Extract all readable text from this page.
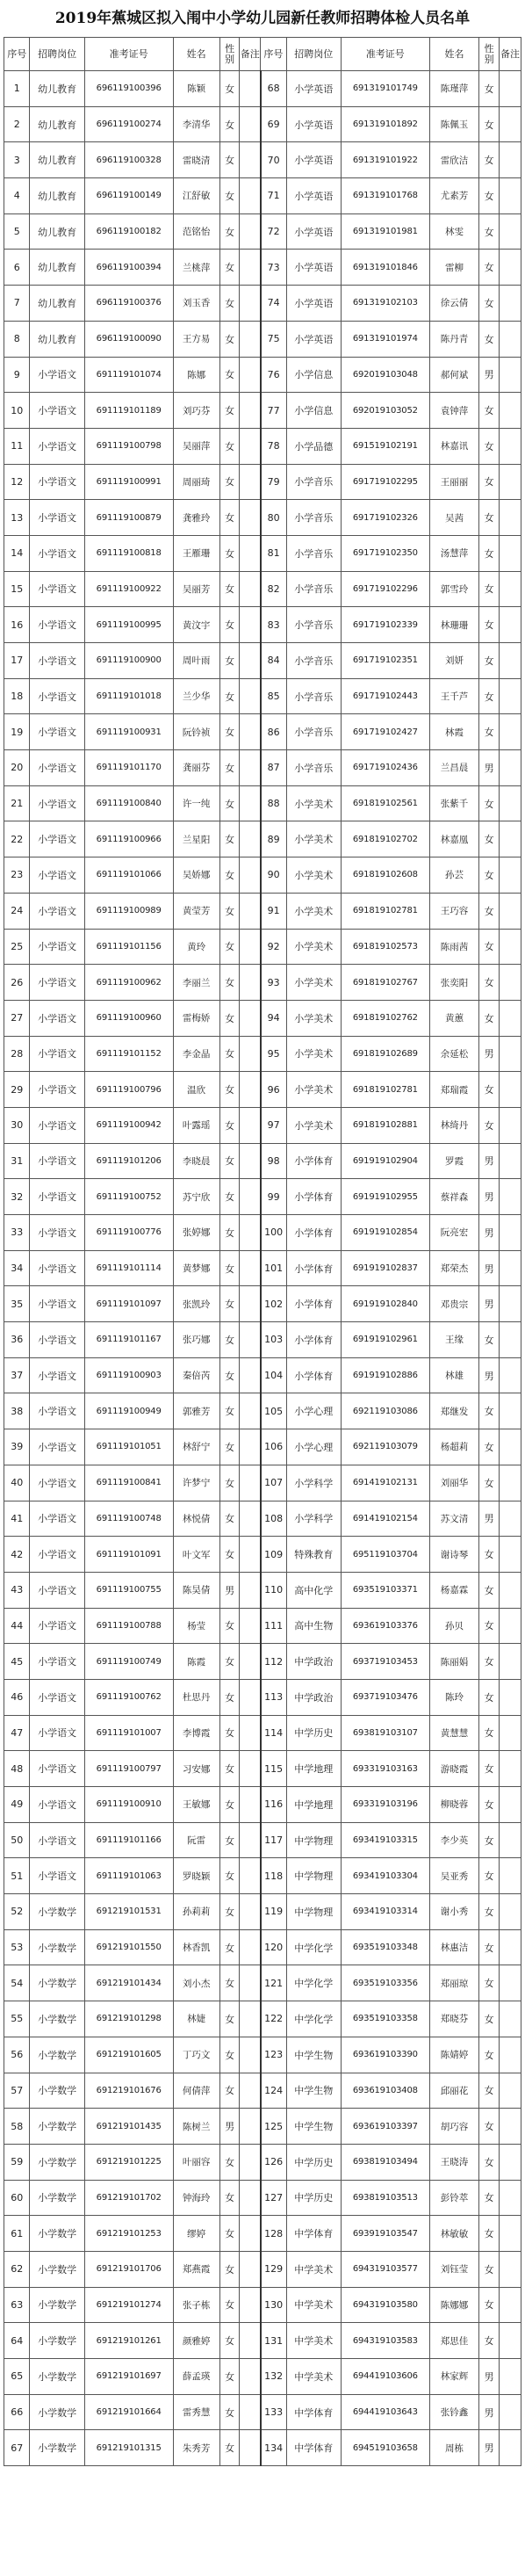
2019年蕉城区拟入闱中小学幼儿园新任教师招聘体检人员名单
序号	招聘岗位	准考证号	姓名	性别	备注	序号	招聘岗位	准考证号	姓名	性别	备注
1	幼儿教育	696119100396	陈颖	女		68	小学英语	691319101749	陈瑾萍	女	
2	幼儿教育	696119100274	李清华	女		69	小学英语	691319101892	陈佩玉	女	
3	幼儿教育	696119100328	雷晓清	女		70	小学英语	691319101922	雷欣洁	女	
4	幼儿教育	696119100149	江舒敏	女		71	小学英语	691319101768	尤素芳	女	
5	幼儿教育	696119100182	范铭怡	女		72	小学英语	691319101981	林雯	女	
6	幼儿教育	696119100394	兰桃萍	女		73	小学英语	691319101846	雷柳	女	
7	幼儿教育	696119100376	刘玉香	女		74	小学英语	691319102103	徐云倩	女	
8	幼儿教育	696119100090	王方易	女		75	小学英语	691319101974	陈丹青	女	
9	小学语文	691119101074	陈娜	女		76	小学信息	692019103048	郝何斌	男	
10	小学语文	691119101189	刘巧芬	女		77	小学信息	692019103052	袁钟萍	女	
11	小学语文	691119100798	吴丽萍	女		78	小学品德	691519102191	林嘉讯	女	
12	小学语文	691119100991	周丽琦	女		79	小学音乐	691719102295	王丽丽	女	
13	小学语文	691119100879	龚雅玲	女		80	小学音乐	691719102326	吴茜	女	
14	小学语文	691119100818	王雁珊	女		81	小学音乐	691719102350	汤慧萍	女	
15	小学语文	691119100922	吴丽芳	女		82	小学音乐	691719102296	郭雪玲	女	
16	小学语文	691119100995	黄汶宇	女		83	小学音乐	691719102339	林珊珊	女	
17	小学语文	691119100900	周叶雨	女		84	小学音乐	691719102351	刘妍	女	
18	小学语文	691119101018	兰少华	女		85	小学音乐	691719102443	王千芦	女	
19	小学语文	691119100931	阮钤祯	女		86	小学音乐	691719102427	林霞	女	
20	小学语文	691119101170	龚丽芬	女		87	小学音乐	691719102436	兰昌晨	男	
21	小学语文	691119100840	许一纯	女		88	小学美术	691819102561	张紫千	女	
22	小学语文	691119100966	兰星阳	女		89	小学美术	691819102702	林嘉凰	女	
23	小学语文	691119101066	吴娇娜	女		90	小学美术	691819102608	孙芸	女	
24	小学语文	691119100989	黄莹芳	女		91	小学美术	691819102781	王巧容	女	
25	小学语文	691119101156	黄玲	女		92	小学美术	691819102573	陈雨茜	女	
26	小学语文	691119100962	李丽兰	女		93	小学美术	691819102767	张奕阳	女	
27	小学语文	691119100960	雷梅娇	女		94	小学美术	691819102762	黄蕙	女	
28	小学语文	691119101152	李金晶	女		95	小学美术	691819102689	余延松	男	
29	小学语文	691119100796	温欣	女		96	小学美术	691819102781	郑瑞霞	女	
30	小学语文	691119100942	叶露瑶	女		97	小学美术	691819102881	林绮丹	女	
31	小学语文	691119101206	李晓晨	女		98	小学体育	691919102904	罗霞	男	
32	小学语文	691119100752	苏宁欣	女		99	小学体育	691919102955	蔡祥森	男	
33	小学语文	691119100776	张婷娜	女		100	小学体育	691919102854	阮亮宏	男	
34	小学语文	691119101114	黄梦娜	女		101	小学体育	691919102837	郑荣杰	男	
35	小学语文	691119101097	张凯玲	女		102	小学体育	691919102840	邓贵宗	男	
36	小学语文	691119101167	张巧娜	女		103	小学体育	691919102961	王缘	女	
37	小学语文	691119100903	秦倍芮	女		104	小学体育	691919102886	林雄	男	
38	小学语文	691119100949	郭雅芳	女		105	小学心理	692119103086	郑继发	女	
39	小学语文	691119101051	林舒宁	女		106	小学心理	692119103079	杨超莉	女	
40	小学语文	691119100841	许梦宁	女		107	小学科学	691419102131	刘丽华	女	
41	小学语文	691119100748	林悦倩	女		108	小学科学	691419102154	苏文清	男	
42	小学语文	691119101091	叶文军	女		109	特殊教育	695119103704	谢诗琴	女	
43	小学语文	691119100755	陈昊倩	男		110	高中化学	693519103371	杨嘉霖	女	
44	小学语文	691119100788	杨莹	女		111	高中生物	693619103376	孙贝	女	
45	小学语文	691119100749	陈霞	女		112	中学政治	693719103453	陈丽娟	女	
46	小学语文	691119100762	杜思丹	女		113	中学政治	693719103476	陈玲	女	
47	小学语文	691119101007	李博霞	女		114	中学历史	693819103107	黄慧慧	女	
48	小学语文	691119100797	习安娜	女		115	中学地理	693319103163	游晓霞	女	
49	小学语文	691119100910	王敏娜	女		116	中学地理	693319103196	柳晓蓉	女	
50	小学语文	691119101166	阮雷	女		117	中学物理	693419103315	李少英	女	
51	小学语文	691119101063	罗晓颖	女		118	中学物理	693419103304	吴亚秀	女	
52	小学数学	691219101531	孙莉莉	女		119	中学物理	693419103314	谢小秀	女	
53	小学数学	691219101550	林香凯	女		120	中学化学	693519103348	林惠洁	女	
54	小学数学	691219101434	刘小杰	女		121	中学化学	693519103356	郑丽琼	女	
55	小学数学	691219101298	林婕	女		122	中学化学	693519103358	郑晓芬	女	
56	小学数学	691219101605	丁巧文	女		123	中学生物	693619103390	陈婧婷	女	
57	小学数学	691219101676	何倩萍	女		124	中学生物	693619103408	邱丽花	女	
58	小学数学	691219101435	陈树兰	男		125	中学生物	693619103397	胡巧容	女	
59	小学数学	691219101225	叶丽容	女		126	中学历史	693819103494	王晓涛	女	
60	小学数学	691219101702	钟海玲	女		127	中学历史	693819103513	彭铃萃	女	
61	小学数学	691219101253	缪婷	女		128	中学体育	693919103547	林敏敏	女	
62	小学数学	691219101706	郑燕霞	女		129	中学美术	694319103577	刘钰莹	女	
63	小学数学	691219101274	张子栋	女		130	中学美术	694319103580	陈娜娜	女	
64	小学数学	691219101261	颜雅婷	女		131	中学美术	694319103583	郑思佳	女	
65	小学数学	691219101697	薛孟瑛	女		132	中学美术	694419103606	林家辉	男	
66	小学数学	691219101664	雷秀慧	女		133	中学体育	694419103643	张钤鑫	男	
67	小学数学	691219101315	朱秀芳	女		134	中学体育	694519103658	周栋	男	
